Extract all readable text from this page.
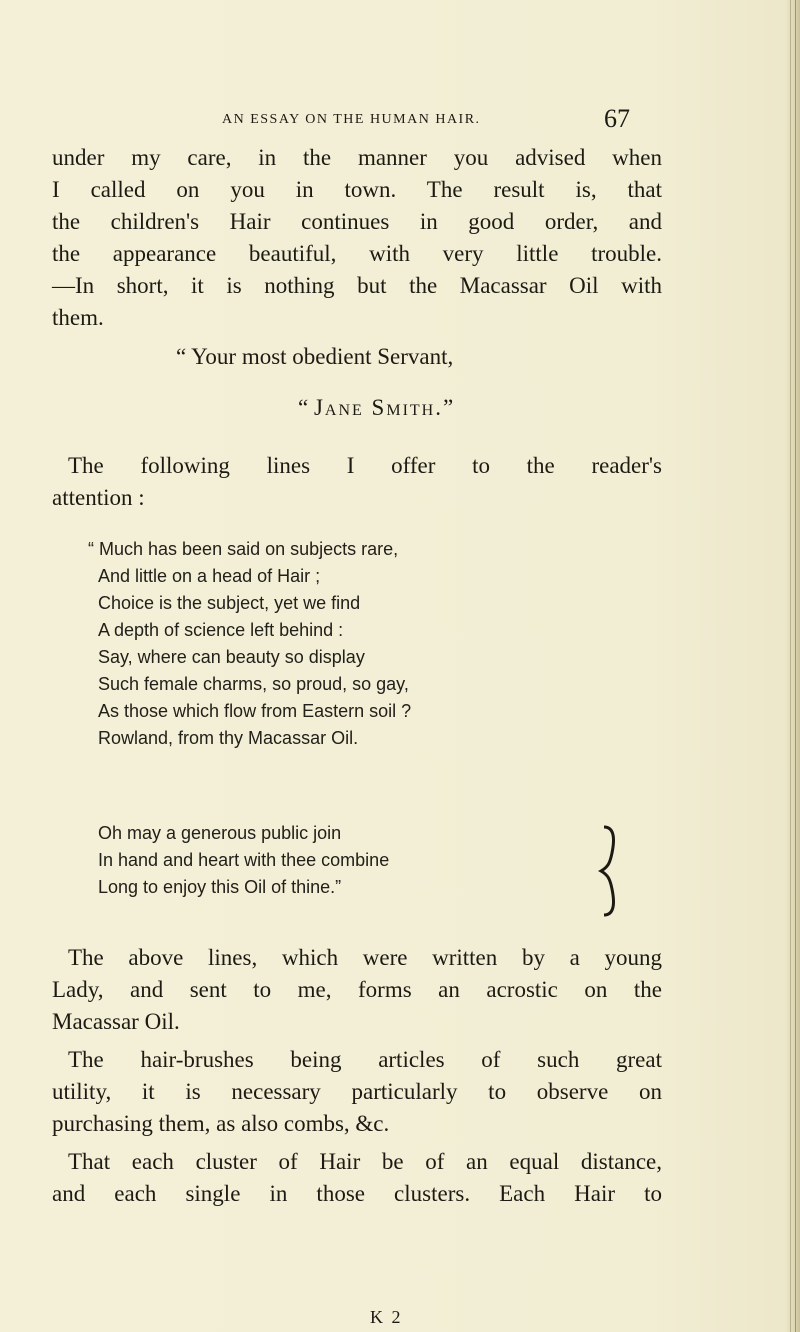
AN ESSAY ON THE HUMAN HAIR.	67
under my care, in the manner you advised when
I called on you in town. The result is, that
the children's Hair continues in good order, and
the appearance beautiful, with very little trouble.
—In short, it is nothing but the Macassar Oil with
them.
“ Your most obedient Servant,
“ Jane Smith.”
The following lines I offer to the reader's
attention :
“ Much has been said on subjects rare,
And little on a head of Hair ;
Choice is the subject, yet we find
A depth of science left behind :
Say, where can beauty so display
Such female charms, so proud, so gay,
As those which flow from Eastern soil ?
Rowland, from thy Macassar Oil.
Oh may a generous public join
In hand and heart with thee combine
Long to enjoy this Oil of thine.”
The above lines, which were written by a young
Lady, and sent to me, forms an acrostic on the
Macassar Oil.
The hair-brushes being articles of such great
utility, it is necessary particularly to observe on
purchasing them, as also combs, &c.
That each cluster of Hair be of an equal distance,
and each single in those clusters. Each Hair to
K 2
